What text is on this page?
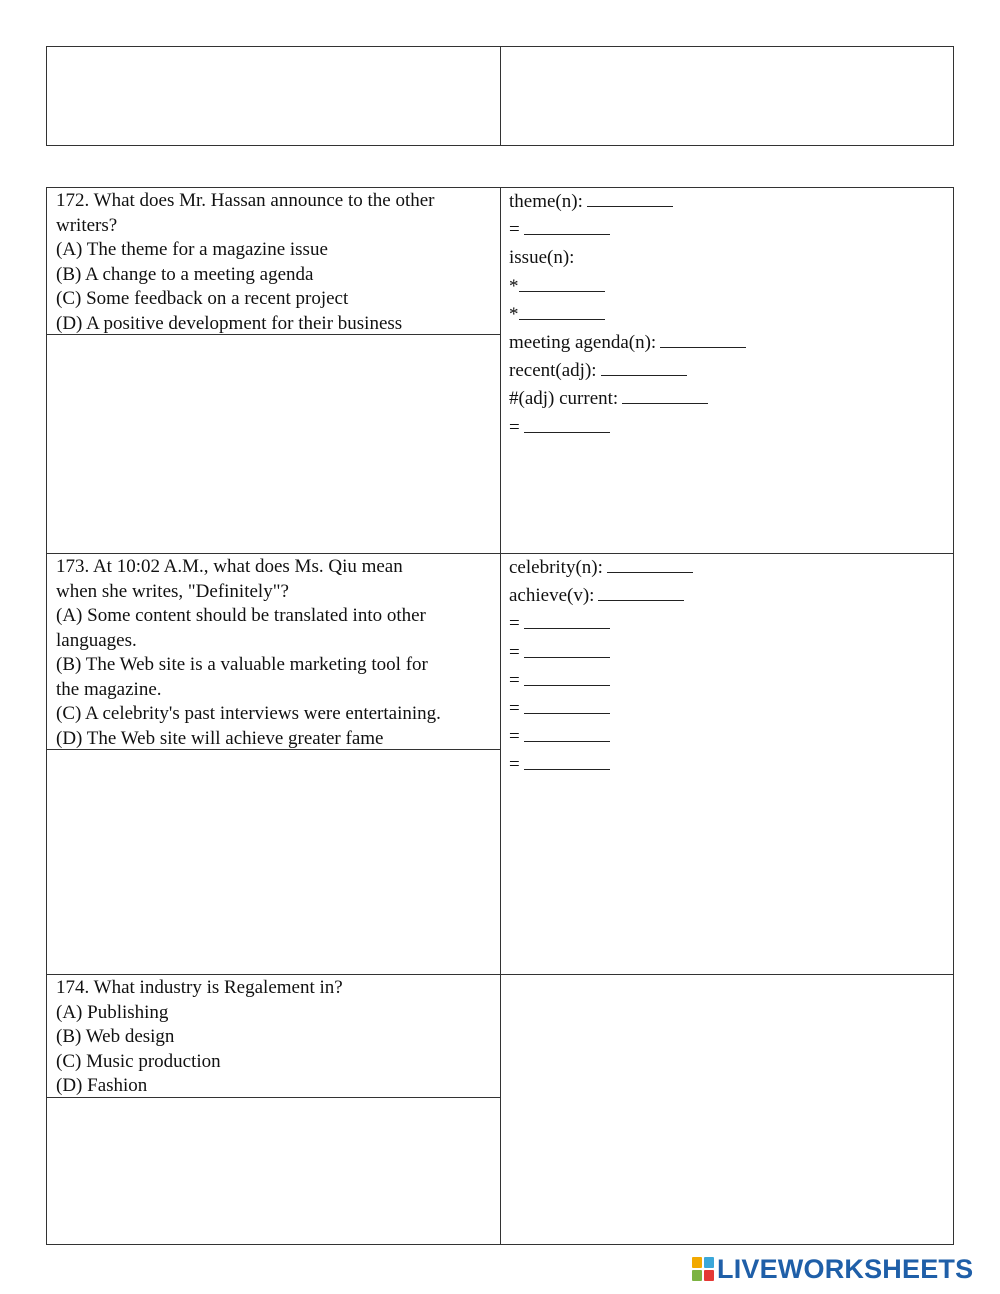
172. What does Mr. Hassan announce to the other
writers?
(A) The theme for a magazine issue
(B) A change to a meeting agenda
(C) Some feedback on a recent project
(D) A positive development for their business
theme(n):
=
issue(n):
*
*
meeting agenda(n):
recent(adj):
#(adj) current:
=
173. At 10:02 A.M., what does Ms. Qiu mean
when she writes, "Definitely"?
(A) Some content should be translated into other
languages.
(B) The Web site is a valuable marketing tool for
the magazine.
(C) A celebrity's past interviews were entertaining.
(D) The Web site will achieve greater fame
celebrity(n):
achieve(v):
=
=
=
=
=
=
174. What industry is Regalement in?
(A) Publishing
(B) Web design
(C) Music production
(D) Fashion
LIVEWORKSHEETS
